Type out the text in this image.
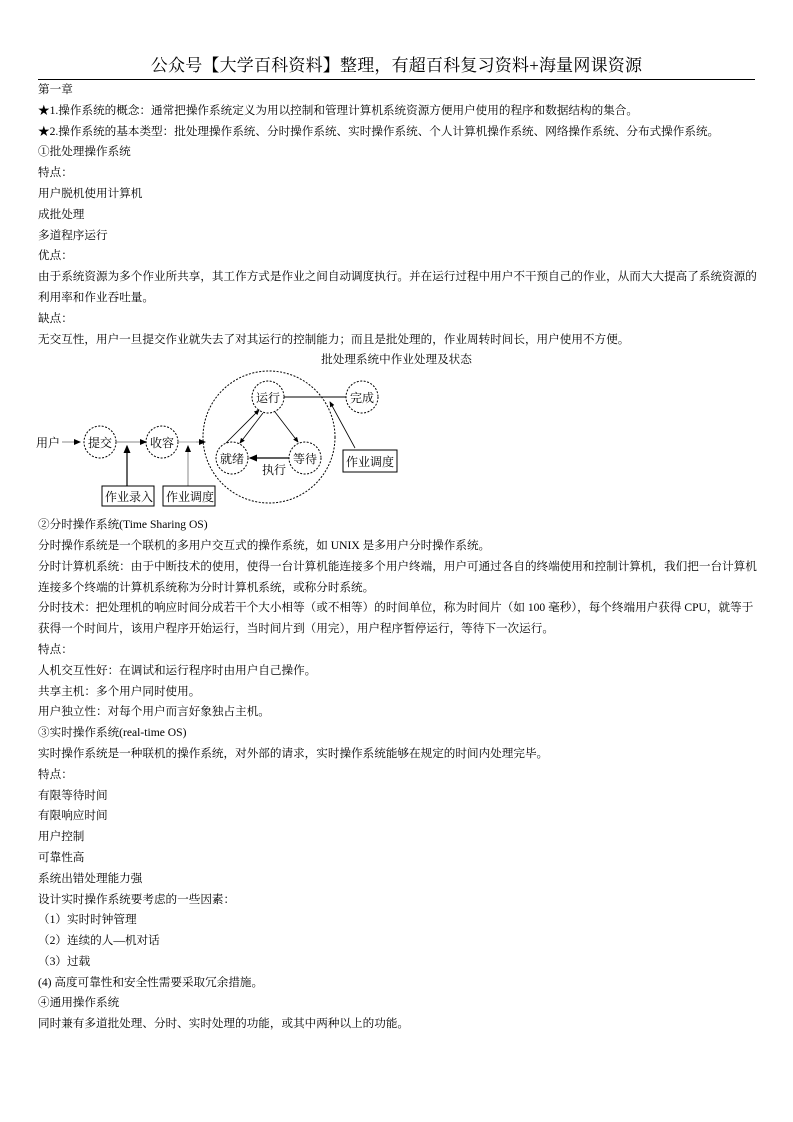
公众号【大学百科资料】整理，有超百科复习资料+海量网课资源

第一章

★1.操作系统的概念：通常把操作系统定义为用以控制和管理计算机系统资源方便用户使用的程序和数据结构的集合。

★2.操作系统的基本类型：批处理操作系统、分时操作系统、实时操作系统、个人计算机操作系统、网络操作系统、分布式操作系统。

①批处理操作系统

特点：

用户脱机使用计算机

成批处理

多道程序运行

优点：

由于系统资源为多个作业所共享，其工作方式是作业之间自动调度执行。并在运行过程中用户不干预自己的作业，从而大大提高了系统资源的利用率和作业吞吐量。

缺点：

无交互性，用户一旦提交作业就失去了对其运行的控制能力；而且是批处理的，作业周转时间长，用户使用不方便。

批处理系统中作业处理及状态

②分时操作系统(Time Sharing OS)

分时操作系统是一个联机的多用户交互式的操作系统，如 UNIX 是多用户分时操作系统。

分时计算机系统：由于中断技术的使用，使得一台计算机能连接多个用户终端，用户可通过各自的终端使用和控制计算机，我们把一台计算机连接多个终端的计算机系统称为分时计算机系统，或称分时系统。

分时技术：把处理机的响应时间分成若干个大小相等（或不相等）的时间单位，称为时间片（如 100 毫秒），每个终端用户获得 CPU，就等于获得一个时间片，该用户程序开始运行，当时间片到（用完），用户程序暂停运行，等待下一次运行。

特点：

人机交互性好：在调试和运行程序时由用户自己操作。

共享主机：多个用户同时使用。

用户独立性：对每个用户而言好象独占主机。

③实时操作系统(real-time OS)

实时操作系统是一种联机的操作系统，对外部的请求，实时操作系统能够在规定的时间内处理完毕。

特点：

有限等待时间

有限响应时间

用户控制

可靠性高

系统出错处理能力强

设计实时操作系统要考虑的一些因素：

（1）实时时钟管理

（2）连续的人—机对话

（3）过载

(4) 高度可靠性和安全性需要采取冗余措施。

④通用操作系统

同时兼有多道批处理、分时、实时处理的功能，或其中两种以上的功能。

用户 提交
作业录入
收容
作业调度
运行
就绪	等待
执行
完成
作业调度
